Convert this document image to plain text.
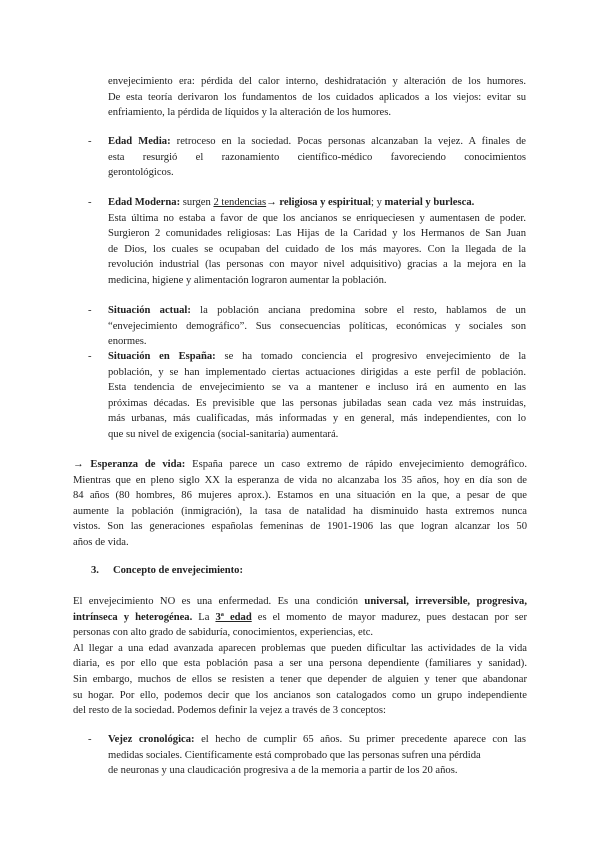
envejecimiento era: pérdida del calor interno, deshidratación y alteración de los humores.

De esta teoría derivaron los fundamentos de los cuidados aplicados a los viejos: evitar su

enfriamiento, la pérdida de líquidos y la alteración de los humores.

- Edad Media: retroceso en la sociedad. Pocas personas alcanzaban la vejez. A finales de

esta resurgió el razonamiento científico-médico favoreciendo conocimientos

gerontológicos.

- Edad Moderna: surgen 2 tendencias→ religiosa y espiritual; y material y burlesca.

Esta última no estaba a favor de que los ancianos se enriqueciesen y aumentasen de poder.

Surgieron 2 comunidades religiosas: Las Hijas de la Caridad y los Hermanos de San Juan

de Dios, los cuales se ocupaban del cuidado de los más mayores. Con la llegada de la

revolución industrial (las personas con mayor nivel adquisitivo) gracias a la mejora en la

medicina, higiene y alimentación lograron aumentar la población.

- Situación actual: la población anciana predomina sobre el resto, hablamos de un

“envejecimiento demográfico”. Sus consecuencias políticas, económicas y sociales son

enormes.

- Situación en España: se ha tomado conciencia el progresivo envejecimiento de la

población, y se han implementado ciertas actuaciones dirigidas a este perfil de población.

Esta tendencia de envejecimiento se va a mantener e incluso irá en aumento en las

próximas décadas. Es previsible que las personas jubiladas sean cada vez más instruidas,

más urbanas, más cualificadas, más informadas y en general, más independientes, con lo

que su nivel de exigencia (social-sanitaria) aumentará.

→ Esperanza de vida: España parece un caso extremo de rápido envejecimiento demográfico.

Mientras que en pleno siglo XX la esperanza de vida no alcanzaba los 35 años, hoy en día son de

84 años (80 hombres, 86 mujeres aprox.). Estamos en una situación en la que, a pesar de que

aumente la población (inmigración), la tasa de natalidad ha disminuido hasta extremos nunca

vistos. Son las generaciones españolas femeninas de 1901-1906 las que logran alcanzar los 50

años de vida.

3. Concepto de envejecimiento:

El envejecimiento NO es una enfermedad. Es una condición universal, irreversible, progresiva,

intrínseca y heterogénea. La 3ª edad es el momento de mayor madurez, pues destacan por ser

personas con alto grado de sabiduría, conocimientos, experiencias, etc.

Al llegar a una edad avanzada aparecen problemas que pueden dificultar las actividades de la vida

diaria, es por ello que esta población pasa a ser una persona dependiente (familiares y sanidad).

Sin embargo, muchos de ellos se resisten a tener que depender de alguien y tener que abandonar

su hogar. Por ello, podemos decir que los ancianos son catalogados como un grupo independiente

del resto de la sociedad. Podemos definir la vejez a través de 3 conceptos:

- Vejez cronológica: el hecho de cumplir 65 años. Su primer precedente aparece con las

medidas sociales. Científicamente está comprobado que las personas sufren una pérdida

de neuronas y una claudicación progresiva a de la memoria a partir de los 20 años.
